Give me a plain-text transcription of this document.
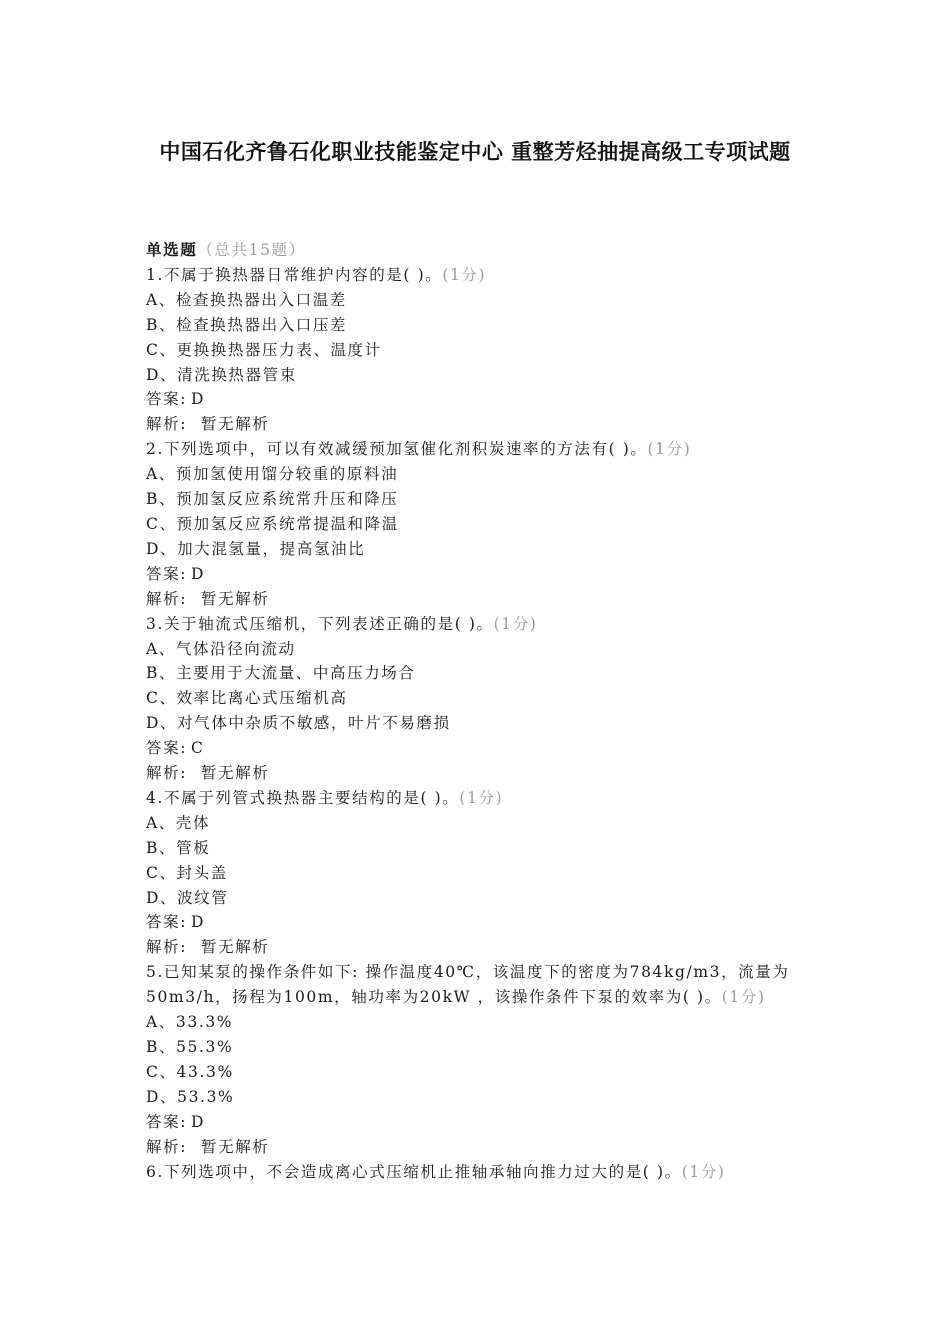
中国石化齐鲁石化职业技能鉴定中心 重整芳烃抽提高级工专项试题
单选题（总共15题）
1.不属于换热器日常维护内容的是( )。(1分)
A、检查换热器出入口温差
B、检查换热器出入口压差
C、更换换热器压力表、温度计
D、清洗换热器管束
答案: D
解析: 暂无解析
2.下列选项中，可以有效减缓预加氢催化剂积炭速率的方法有( )。(1分)
A、预加氢使用馏分较重的原料油
B、预加氢反应系统常升压和降压
C、预加氢反应系统常提温和降温
D、加大混氢量，提高氢油比
答案: D
解析: 暂无解析
3.关于轴流式压缩机，下列表述正确的是( )。(1分)
A、气体沿径向流动
B、主要用于大流量、中高压力场合
C、效率比离心式压缩机高
D、对气体中杂质不敏感，叶片不易磨损
答案: C
解析: 暂无解析
4.不属于列管式换热器主要结构的是( )。(1分)
A、壳体
B、管板
C、封头盖
D、波纹管
答案: D
解析: 暂无解析
5.已知某泵的操作条件如下: 操作温度40℃，该温度下的密度为784kg/m3，流量为50m3/h，扬程为100m，轴功率为20kW ，该操作条件下泵的效率为( )。(1分)
A、33.3%
B、55.3%
C、43.3%
D、53.3%
答案: D
解析: 暂无解析
6.下列选项中，不会造成离心式压缩机止推轴承轴向推力过大的是( )。(1分)
